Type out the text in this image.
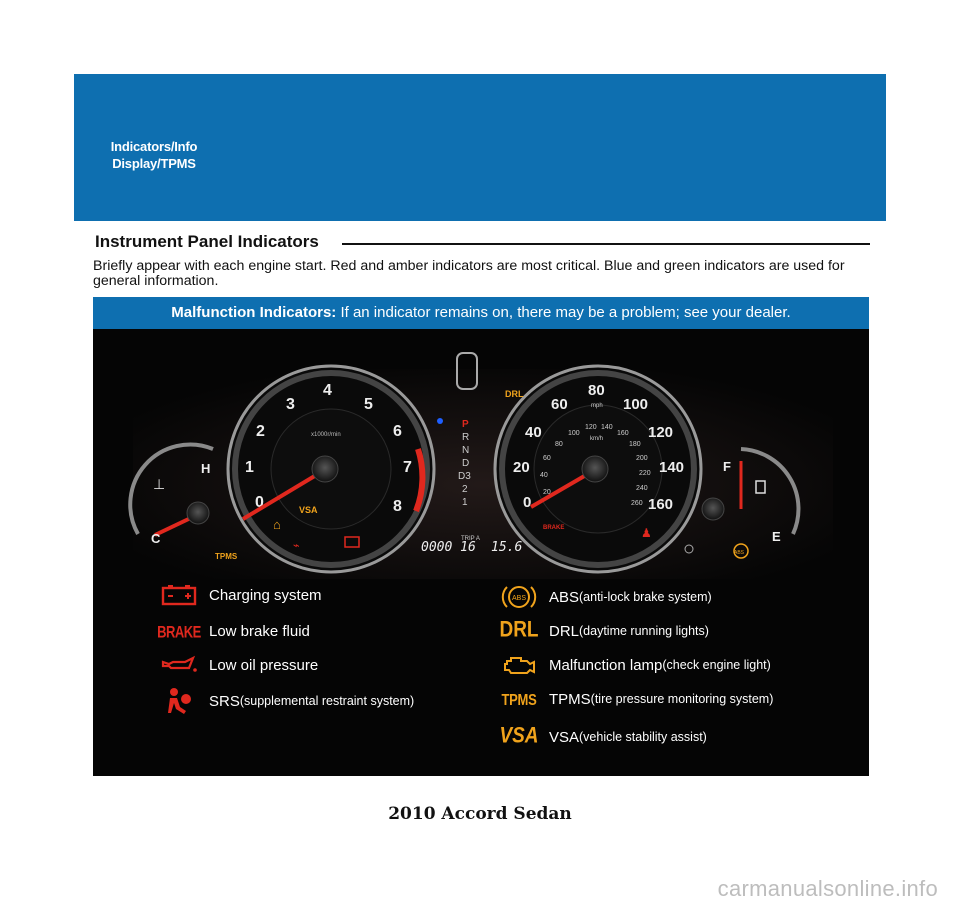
Indicators/Info
Display/TPMS
Instrument Panel Indicators
Briefly appear with each engine start. Red and amber indicators are most critical. Blue and green indicators are used for general information.
Malfunction Indicators: If an indicator remains on, there may be a problem; see your dealer.
⊥
H
C
TPMS
0
1
2
3
4
5
6
7
8
x1000r/min
VSA
⌂
⌁
P
R
N
D
D3
2
1
0000 16
TRIP A
15.6
0
20
40
60
80
100
120
140
160
mph
km/h
20
40
60
80
100
120 140
160
180
200
220
240
260
DRL
BRAKE	♟
F
E
ABS
Charging system
BRAKE Low brake fluid
Low oil pressure
SRS (supplemental restraint system)
ABS ABS (anti-lock brake system)
DRL DRL (daytime running lights)
Malfunction lamp (check engine light)
TPMS TPMS (tire pressure monitoring system)
VSA VSA (vehicle stability assist)
2010 Accord Sedan
carmanualsonline.info
